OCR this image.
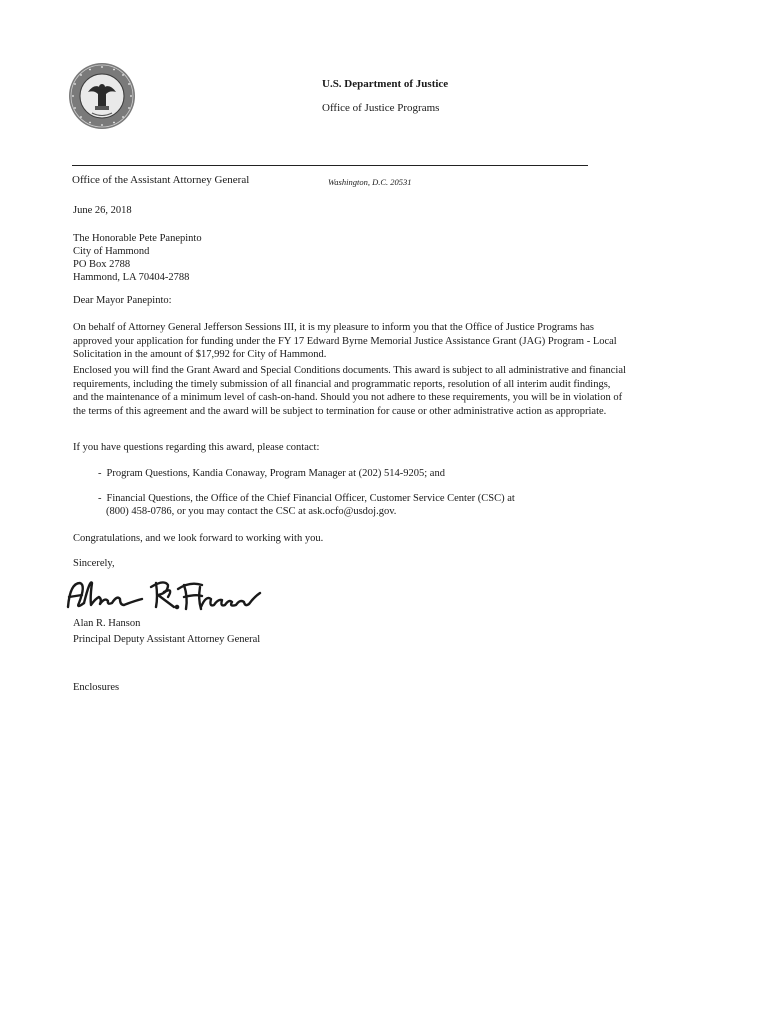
U.S. Department of Justice
Office of Justice Programs
Office of the Assistant Attorney General	Washington, D.C. 20531

June 26, 2018

The Honorable Pete Panepinto

City of Hammond

PO Box 2788

Hammond, LA 70404-2788

Dear Mayor Panepinto:

On behalf of Attorney General Jefferson Sessions III, it is my pleasure to inform you that the Office of Justice Programs has approved your application for funding under the FY 17 Edward Byrne Memorial Justice Assistance Grant (JAG) Program - Local Solicitation in the amount of $17,992 for City of Hammond.

Enclosed you will find the Grant Award and Special Conditions documents. This award is subject to all administrative and financial requirements, including the timely submission of all financial and programmatic reports, resolution of all interim audit findings, and the maintenance of a minimum level of cash-on-hand. Should you not adhere to these requirements, you will be in violation of the terms of this agreement and the award will be subject to termination for cause or other administrative action as appropriate.

If you have questions regarding this award, please contact:

- Program Questions, Kandia Conaway, Program Manager at (202) 514-9205; and

- Financial Questions, the Office of the Chief Financial Officer, Customer Service Center (CSC) at

(800) 458-0786, or you may contact the CSC at ask.ocfo@usdoj.gov.

Congratulations, and we look forward to working with you.

Sincerely,

Alan R. Hanson

Principal Deputy Assistant Attorney General

Enclosures
